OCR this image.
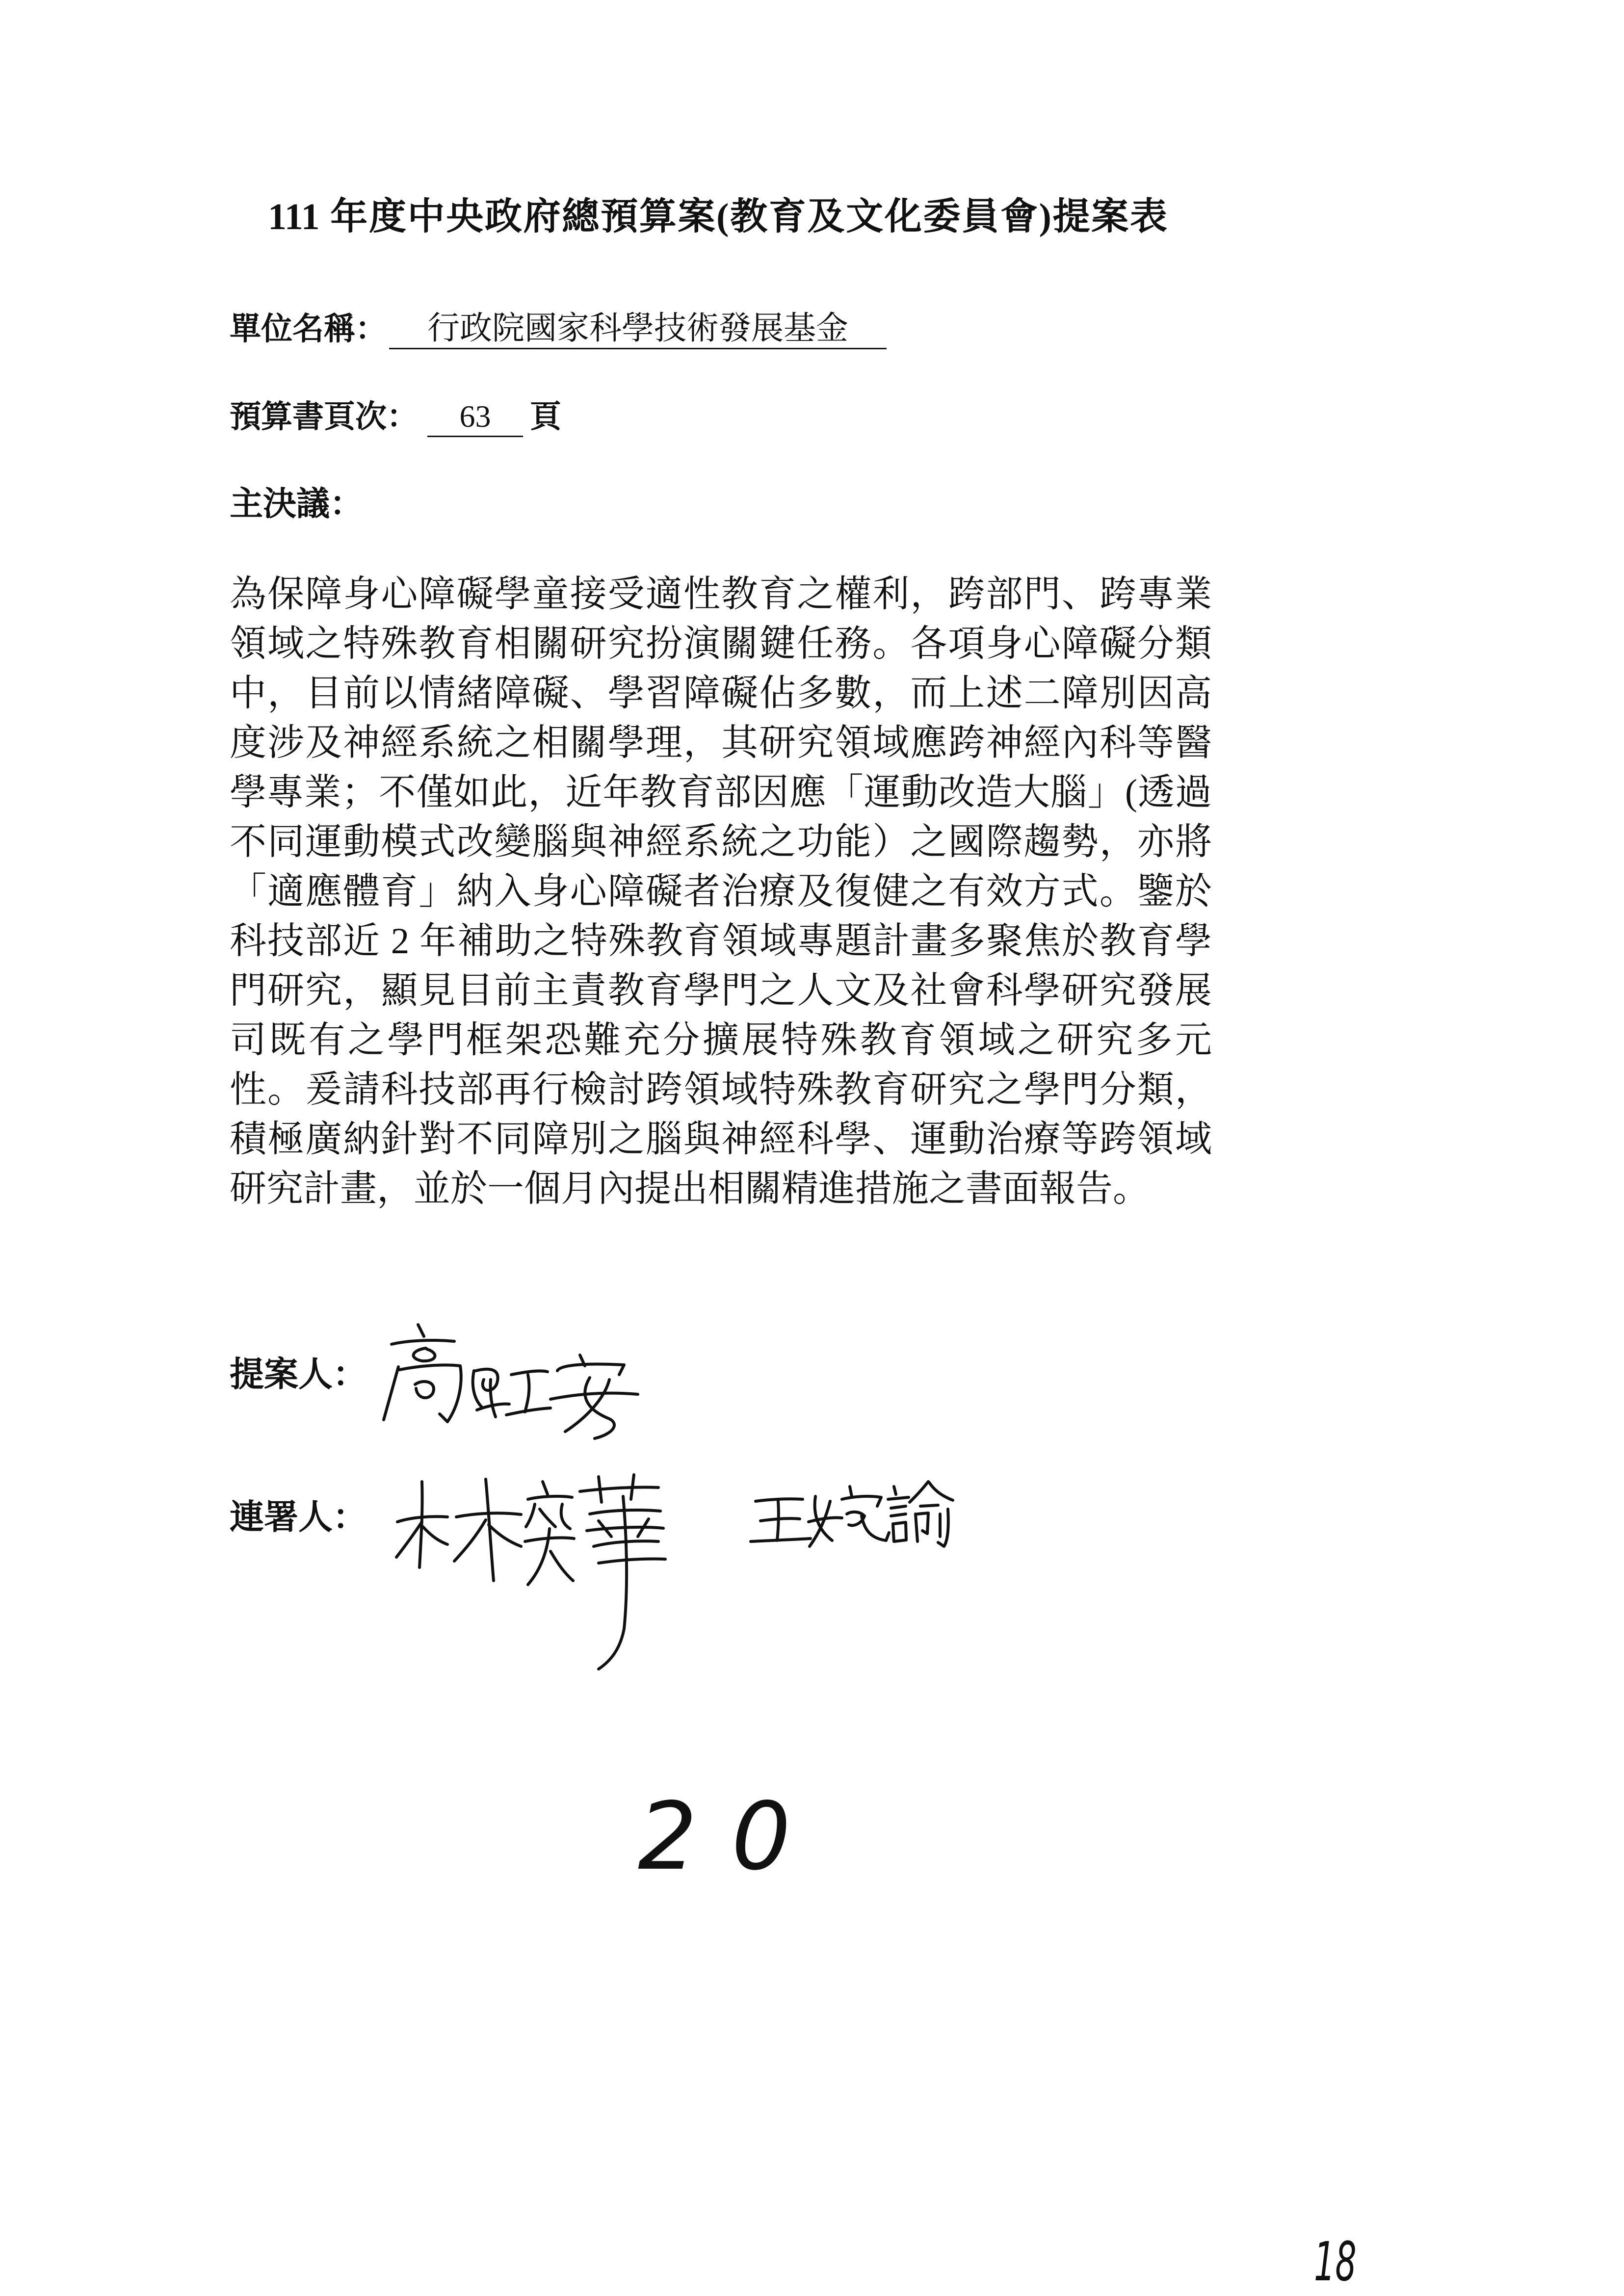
111 年度中央政府總預算案(教育及文化委員會)提案表
單位名稱：	行政院國家科學技術發展基金
預算書頁次：	63	頁
主決議：
為保障身心障礙學童接受適性教育之權利，跨部門、跨專業
領域之特殊教育相關研究扮演關鍵任務。各項身心障礙分類
中，目前以情緒障礙、學習障礙佔多數，而上述二障別因高
度涉及神經系統之相關學理，其研究領域應跨神經內科等醫
學專業；不僅如此，近年教育部因應「運動改造大腦」(透過
不同運動模式改變腦與神經系統之功能）之國際趨勢，亦將
「適應體育」納入身心障礙者治療及復健之有效方式。鑒於
科技部近 2 年補助之特殊教育領域專題計畫多聚焦於教育學
門研究，顯見目前主責教育學門之人文及社會科學研究發展
司既有之學門框架恐難充分擴展特殊教育領域之研究多元
性。爰請科技部再行檢討跨領域特殊教育研究之學門分類，
積極廣納針對不同障別之腦與神經科學、運動治療等跨領域
研究計畫，並於一個月內提出相關精進措施之書面報告。
提案人：
連署人：
20
18
